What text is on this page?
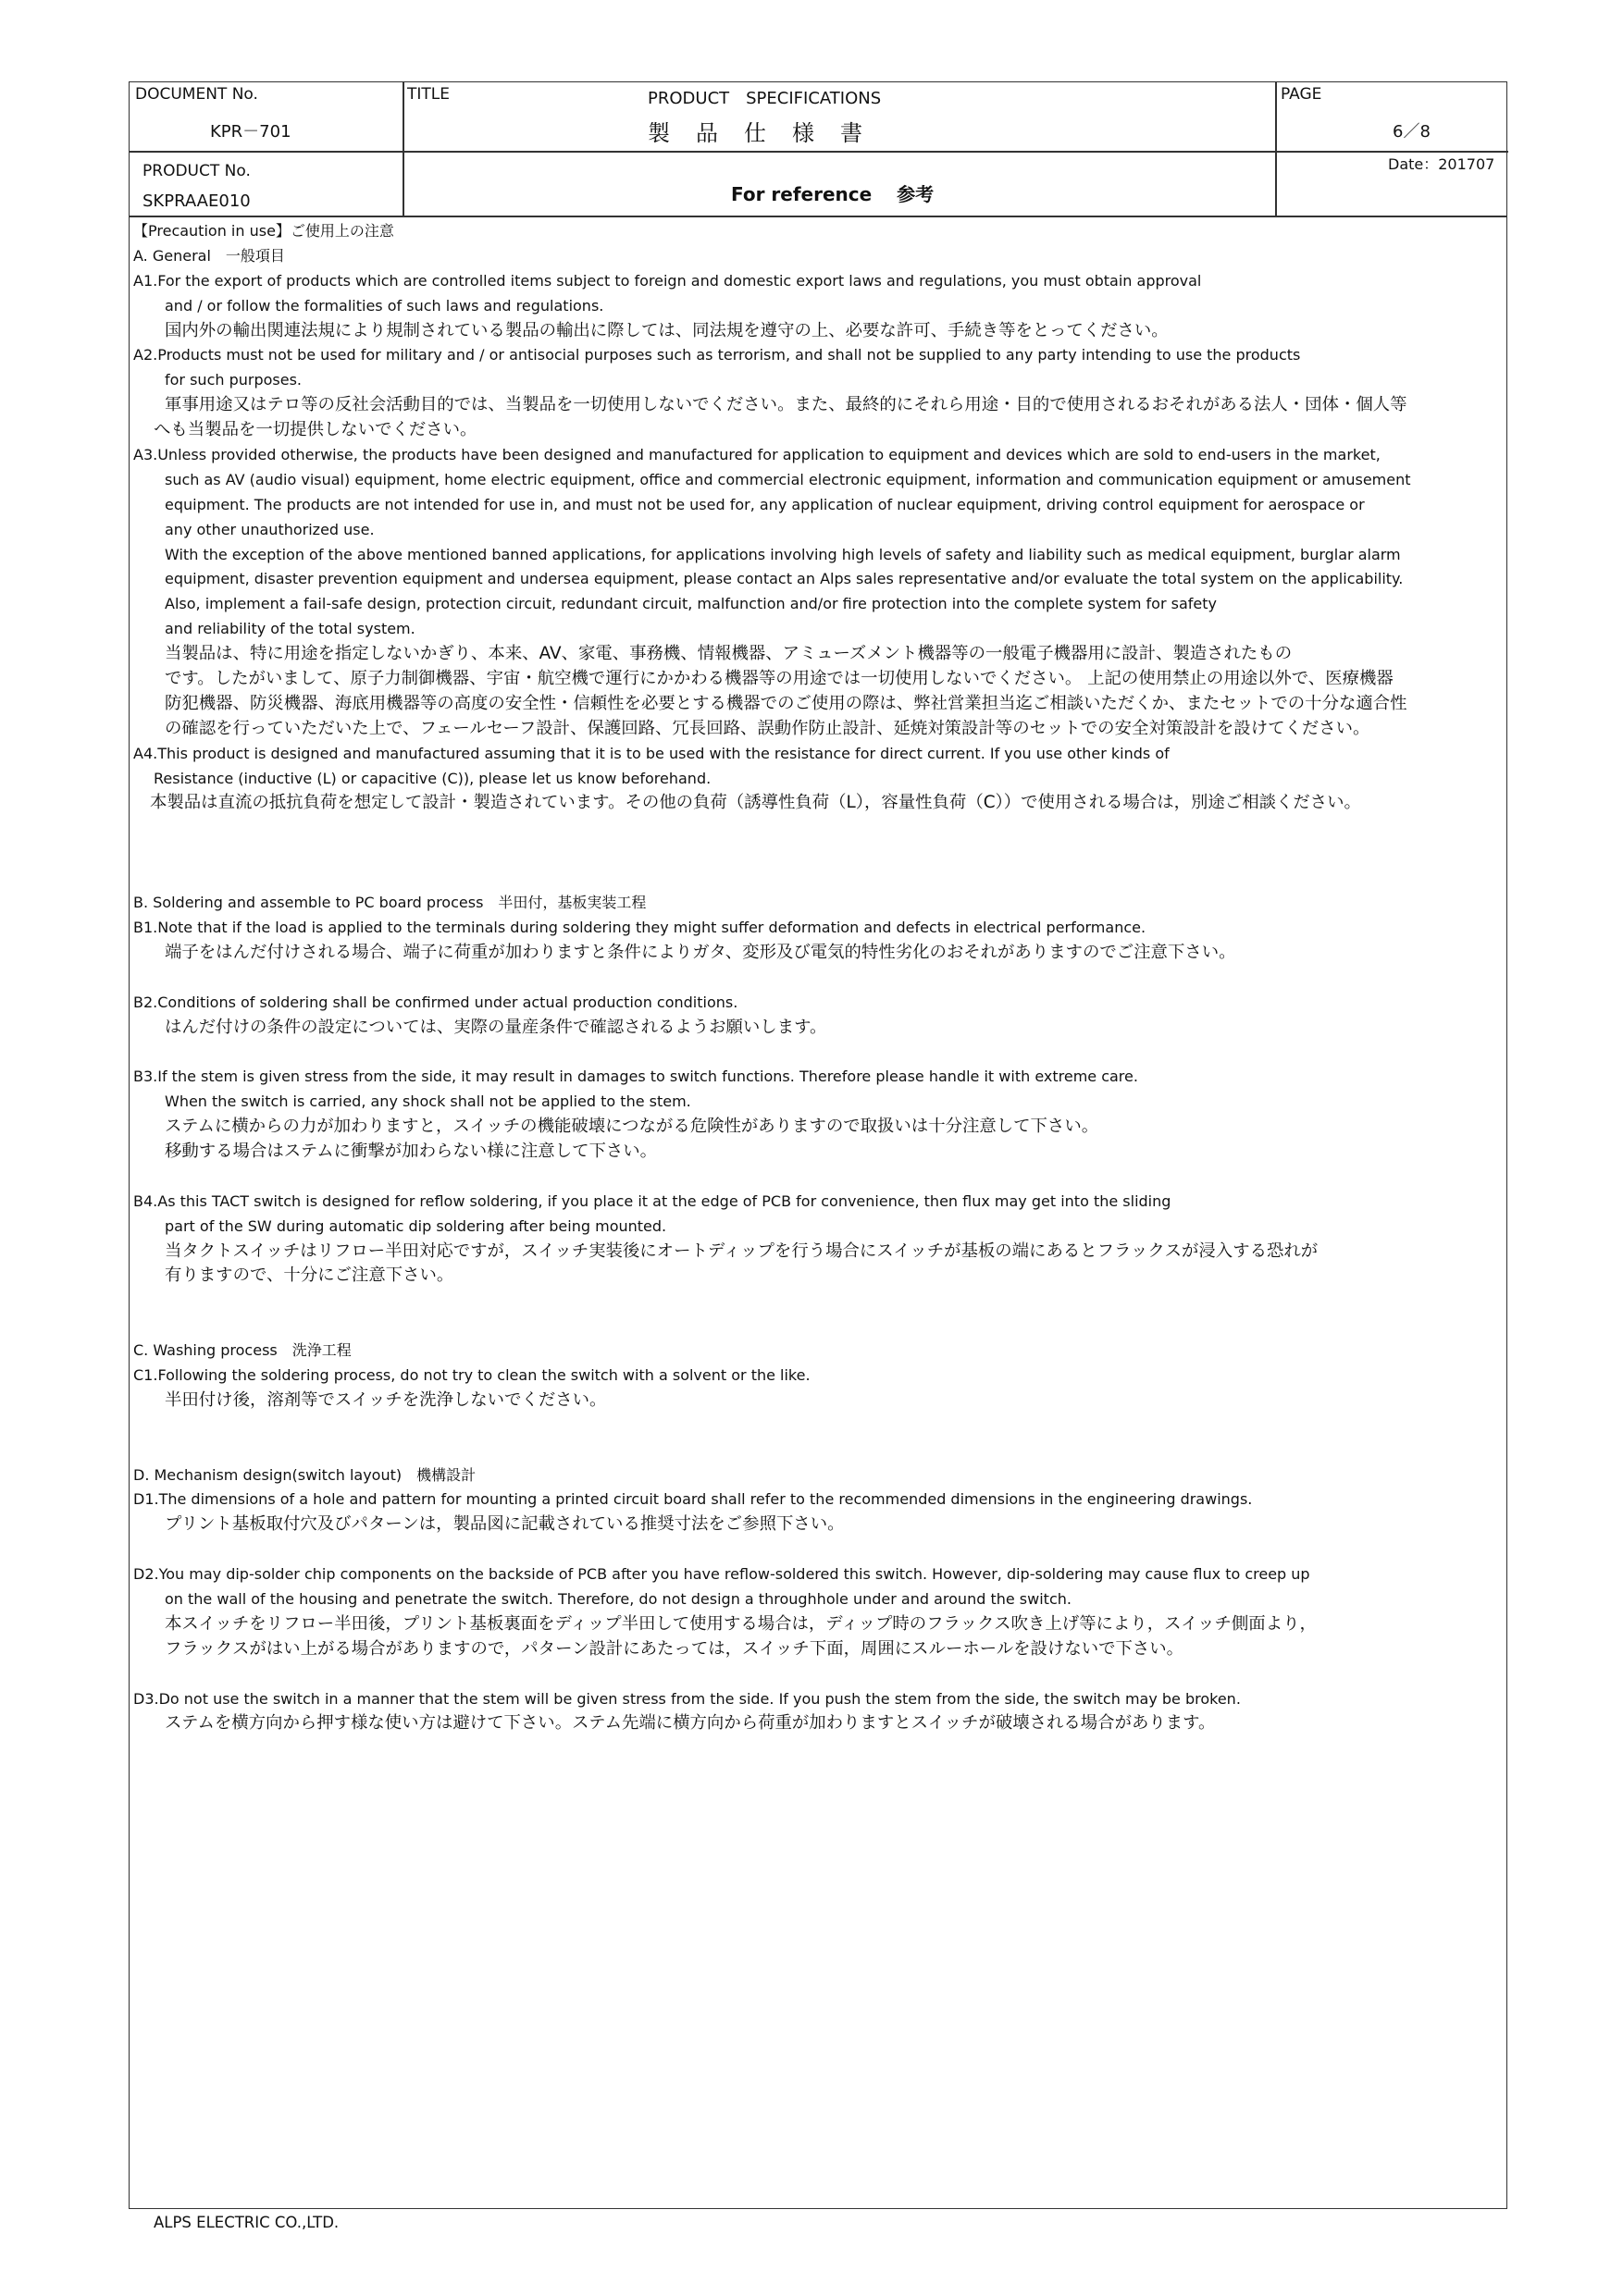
DOCUMENT No.
KPR－701
TITLE	PRODUCT　SPECIFICATIONS
製　品　仕　様　書
PAGE
6／8
PRODUCT No.
SKPRAAE010	For reference　 参考
Date：201707
【Precaution in use】ご使用上の注意
A. General　一般項目
A1.For the export of products which are controlled items subject to foreign and domestic export laws and regulations, you must obtain approval
and / or follow the formalities of such laws and regulations.
国内外の輸出関連法規により規制されている製品の輸出に際しては、同法規を遵守の上、必要な許可、手続き等をとってください。
A2.Products must not be used for military and / or antisocial purposes such as terrorism, and shall not be supplied to any party intending to use the products
for such purposes.
軍事用途又はテロ等の反社会活動目的では、当製品を一切使用しないでください。また、最終的にそれら用途・目的で使用されるおそれがある法人・団体・個人等
へも当製品を一切提供しないでください。
A3.Unless provided otherwise, the products have been designed and manufactured for application to equipment and devices which are sold to end-users in the market,
such as AV (audio visual) equipment, home electric equipment, office and commercial electronic equipment, information and communication equipment or amusement
equipment. The products are not intended for use in, and must not be used for, any application of nuclear equipment, driving control equipment for aerospace or
any other unauthorized use.
With the exception of the above mentioned banned applications, for applications involving high levels of safety and liability such as medical equipment, burglar alarm
equipment, disaster prevention equipment and undersea equipment, please contact an Alps sales representative and/or evaluate the total system on the applicability.
Also, implement a fail-safe design, protection circuit, redundant circuit, malfunction and/or fire protection into the complete system for safety
and reliability of the total system.
当製品は、特に用途を指定しないかぎり、本来、AV、家電、事務機、情報機器、アミューズメント機器等の一般電子機器用に設計、製造されたもの
です。したがいまして、原子力制御機器、宇宙・航空機で運行にかかわる機器等の用途では一切使用しないでください。 上記の使用禁止の用途以外で、医療機器
防犯機器、防災機器、海底用機器等の高度の安全性・信頼性を必要とする機器でのご使用の際は、弊社営業担当迄ご相談いただくか、またセットでの十分な適合性
の確認を行っていただいた上で、フェールセーフ設計、保護回路、冗長回路、誤動作防止設計、延焼対策設計等のセットでの安全対策設計を設けてください。
A4.This product is designed and manufactured assuming that it is to be used with the resistance for direct current. If you use other kinds of
Resistance (inductive (L) or capacitive (C)), please let us know beforehand.
本製品は直流の抵抗負荷を想定して設計・製造されています。その他の負荷（誘導性負荷（L），容量性負荷（C））で使用される場合は，別途ご相談ください。
B. Soldering and assemble to PC board process　半田付，基板実装工程
B1.Note that if the load is applied to the terminals during soldering they might suffer deformation and defects in electrical performance.
端子をはんだ付けされる場合、端子に荷重が加わりますと条件によりガタ、変形及び電気的特性劣化のおそれがありますのでご注意下さい。
B2.Conditions of soldering shall be confirmed under actual production conditions.
はんだ付けの条件の設定については、実際の量産条件で確認されるようお願いします。
B3.If the stem is given stress from the side, it may result in damages to switch functions. Therefore please handle it with extreme care.
When the switch is carried, any shock shall not be applied to the stem.
ステムに横からの力が加わりますと，スイッチの機能破壊につながる危険性がありますので取扱いは十分注意して下さい。
移動する場合はステムに衝撃が加わらない様に注意して下さい。
B4.As this TACT switch is designed for reflow soldering, if you place it at the edge of PCB for convenience, then flux may get into the sliding
part of the SW during automatic dip soldering after being mounted.
当タクトスイッチはリフロー半田対応ですが，スイッチ実装後にオートディップを行う場合にスイッチが基板の端にあるとフラックスが浸入する恐れが
有りますので、十分にご注意下さい。
C. Washing process　洗浄工程
C1.Following the soldering process, do not try to clean the switch with a solvent or the like.
半田付け後，溶剤等でスイッチを洗浄しないでください。
D. Mechanism design(switch layout)　機構設計
D1.The dimensions of a hole and pattern for mounting a printed circuit board shall refer to the recommended dimensions in the engineering drawings.
プリント基板取付穴及びパターンは，製品図に記載されている推奨寸法をご参照下さい。
D2.You may dip-solder chip components on the backside of PCB after you have reflow-soldered this switch. However, dip-soldering may cause flux to creep up
on the wall of the housing and penetrate the switch. Therefore, do not design a throughhole under and around the switch.
本スイッチをリフロー半田後，プリント基板裏面をディップ半田して使用する場合は，ディップ時のフラックス吹き上げ等により，スイッチ側面より，
フラックスがはい上がる場合がありますので，パターン設計にあたっては，スイッチ下面，周囲にスルーホールを設けないで下さい。
D3.Do not use the switch in a manner that the stem will be given stress from the side. If you push the stem from the side, the switch may be broken.
ステムを横方向から押す様な使い方は避けて下さい。ステム先端に横方向から荷重が加わりますとスイッチが破壊される場合があります。
ALPS ELECTRIC CO.,LTD.
